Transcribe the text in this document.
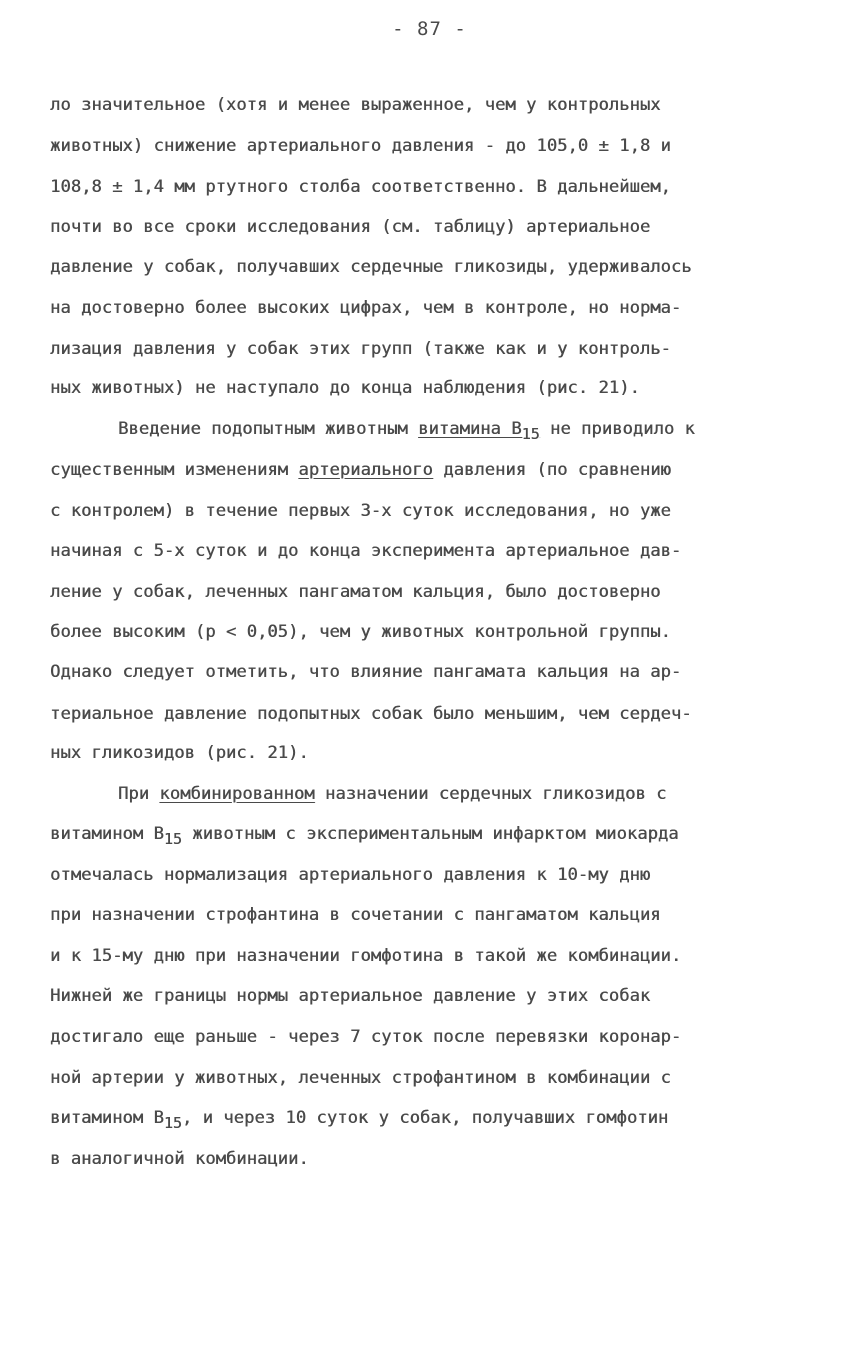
- 87 -
ло значительное (хотя и менее выраженное, чем у контрольных
животных) снижение артериального давления - до 105,0 ± 1,8 и
108,8 ± 1,4 мм ртутного столба соответственно. В дальнейшем,
почти во все сроки исследования (см. таблицу) артериальное
давление у собак, получавших сердечные гликозиды, удерживалось
на достоверно более высоких цифрах, чем в контроле, но норма-
лизация давления у собак этих групп (также как и у контроль-
ных животных) не наступало до конца наблюдения (рис. 21).
Введение подопытным животным витамина $B_{15}$ не приводило к
существенным изменениям артериального давления (по сравнению
с контролем) в течение первых 3-х суток исследования, но уже
начиная с 5-х суток и до конца эксперимента артериальное дав-
ление у собак, леченных пангаматом кальция, было достоверно
более высоким (р < 0,05), чем у животных контрольной группы.
Однако следует отметить, что влияние пангамата кальция на ар-
териальное давление подопытных собак было меньшим, чем сердеч-
ных гликозидов (рис. 21).
При комбинированном назначении сердечных гликозидов с
витамином $B_{15}$ животным с экспериментальным инфарктом миокарда
отмечалась нормализация артериального давления к 10-му дню
при назначении строфантина в сочетании с пангаматом кальция
и к 15-му дню при назначении гомфотина в такой же комбинации.
Нижней же границы нормы артериальное давление у этих собак
достигало еще раньше - через 7 суток после перевязки коронар-
ной артерии у животных, леченных строфантином в комбинации с
витамином $B_{15}$, и через 10 суток у собак, получавших гомфотин
в аналогичной комбинации.
